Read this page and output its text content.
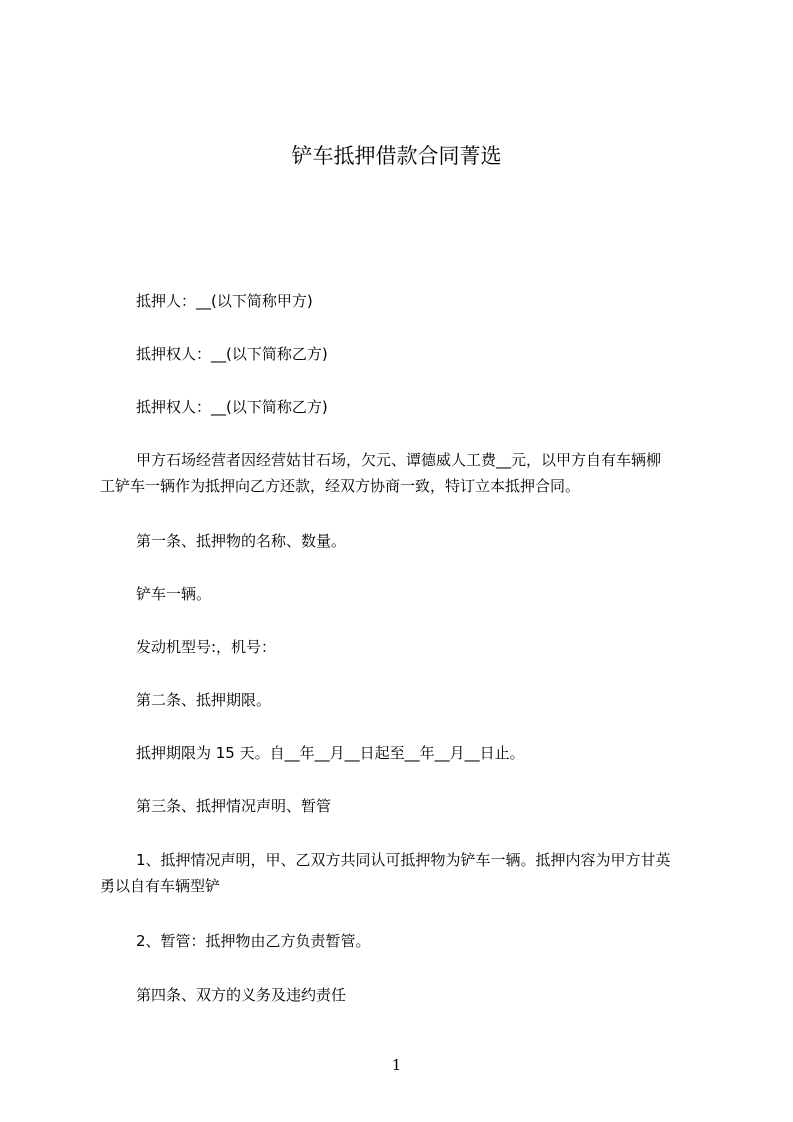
铲车抵押借款合同菁选
抵押人：__(以下简称甲方)
抵押权人：__(以下简称乙方)
抵押权人：__(以下简称乙方)
甲方石场经营者因经营姑甘石场，欠元、谭德威人工费__元，以甲方自有车辆柳
工铲车一辆作为抵押向乙方还款，经双方协商一致，特订立本抵押合同。
第一条、抵押物的名称、数量。
铲车一辆。
发动机型号:，机号：
第二条、抵押期限。
抵押期限为 15 天。自__年__月__日起至__年__月__日止。
第三条、抵押情况声明、暂管
1、抵押情况声明，甲、乙双方共同认可抵押物为铲车一辆。抵押内容为甲方甘英
勇以自有车辆型铲
2、暂管：抵押物由乙方负责暂管。
第四条、双方的义务及违约责任
1
